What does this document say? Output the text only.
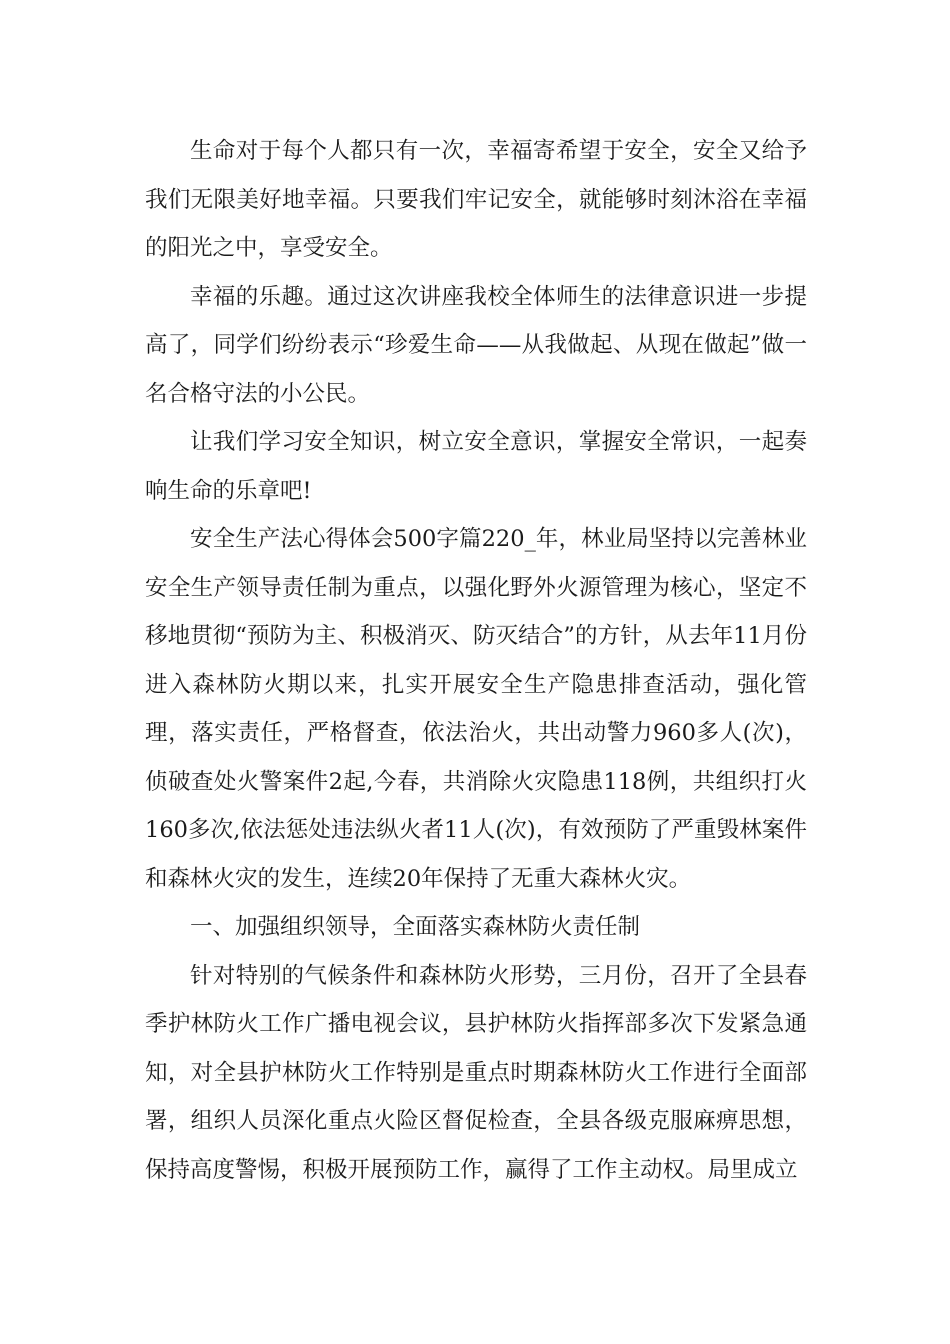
生命对于每个人都只有一次，幸福寄希望于安全，安全又给予我们无限美好地幸福。只要我们牢记安全，就能够时刻沐浴在幸福的阳光之中，享受安全。

幸福的乐趣。通过这次讲座我校全体师生的法律意识进一步提高了，同学们纷纷表示“珍爱生命——从我做起、从现在做起”做一名合格守法的小公民。

让我们学习安全知识，树立安全意识，掌握安全常识，一起奏响生命的乐章吧!

安全生产法心得体会500字篇220_年，林业局坚持以完善林业安全生产领导责任制为重点，以强化野外火源管理为核心，坚定不移地贯彻“预防为主、积极消灭、防灭结合”的方针，从去年11月份进入森林防火期以来，扎实开展安全生产隐患排查活动，强化管理，落实责任，严格督查，依法治火，共出动警力960多人(次)，侦破查处火警案件2起,今春，共消除火灾隐患118例，共组织打火160多次,依法惩处违法纵火者11人(次)，有效预防了严重毁林案件和森林火灾的发生，连续20年保持了无重大森林火灾。

一、加强组织领导，全面落实森林防火责任制

针对特别的气候条件和森林防火形势，三月份，召开了全县春季护林防火工作广播电视会议，县护林防火指挥部多次下发紧急通知，对全县护林防火工作特别是重点时期森林防火工作进行全面部署，组织人员深化重点火险区督促检查，全县各级克服麻痹思想，保持高度警惕，积极开展预防工作，赢得了工作主动权。局里成立
